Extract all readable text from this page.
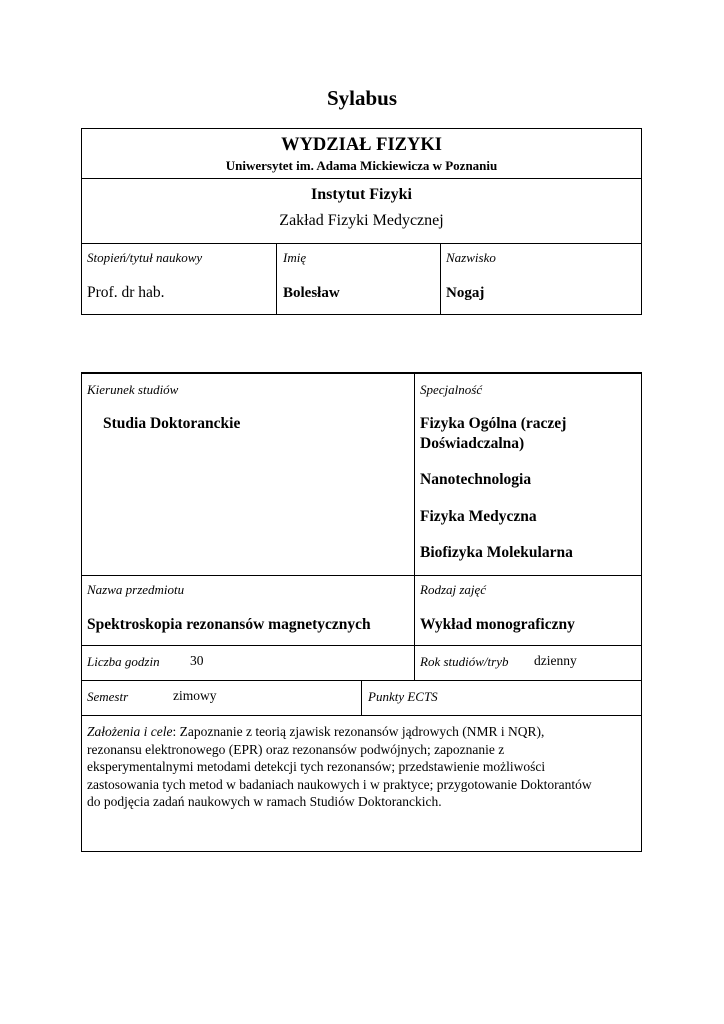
Sylabus
WYDZIAŁ FIZYKI
Uniwersytet im. Adama Mickiewicza w Poznaniu
Instytut Fizyki
Zakład Fizyki Medycznej
Stopień/tytuł naukowy
Prof. dr hab.
Imię
Bolesław
Nazwisko
Nogaj
Kierunek studiów
Studia Doktoranckie
Specjalność
Fizyka Ogólna (raczej
Doświadczalna)
Nanotechnologia
Fizyka Medyczna
Biofizyka Molekularna
Nazwa przedmiotu
Spektroskopia rezonansów magnetycznych
Rodzaj zajęć
Wykład monograficzny
Liczba godzin 30	Rok studiów/tryb dzienny
Semestr	zimowy	Punkty ECTS
Założenia i cele: Zapoznanie z teorią zjawisk rezonansów jądrowych (NMR i NQR),
rezonansu elektronowego (EPR) oraz rezonansów podwójnych; zapoznanie z
eksperymentalnymi metodami detekcji tych rezonansów; przedstawienie możliwości
zastosowania tych metod w badaniach naukowych i w praktyce; przygotowanie Doktorantów
do podjęcia zadań naukowych w ramach Studiów Doktoranckich.
